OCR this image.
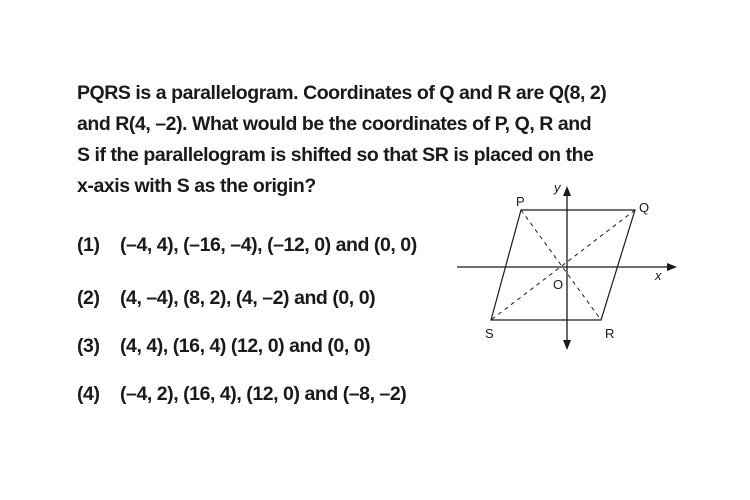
PQRS is a parallelogram. Coordinates of Q and R are Q(8, 2)
and R(4, –2). What would be the coordinates of P, Q, R and
S if the parallelogram is shifted so that SR is placed on the
x-axis with S as the origin?
(1) (–4, 4), (–16, –4), (–12, 0) and (0, 0)
(2) (4, –4), (8, 2), (4, –2) and (0, 0)
(3) (4, 4), (16, 4) (12, 0) and (0, 0)
(4) (–4, 2), (16, 4), (12, 0) and (–8, –2)
P	Q
R
S
O
x
y
